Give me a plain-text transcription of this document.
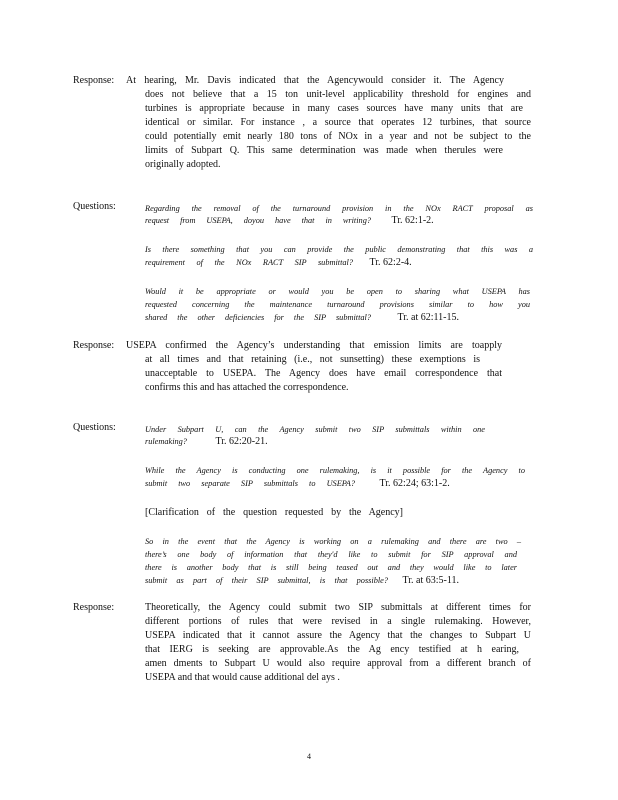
Response: At hearing, Mr. Davis indicated that the Agencywould consider it. The Agency
does not believe that a 15 ton unit-level applicability threshold for engines and
turbines is appropriate because in many cases sources have many units that are
identical or similar. For instance , a source that operates 12 turbines, that source
could potentially emit nearly 180 tons of NOx in a year and not be subject to the
limits of Subpart Q. This same determination was made when therules were
originally adopted.
Questions:	Regarding the removal of the turnaround provision in the NOx RACT proposal as
request from USEPA, doyou have that in writing? Tr. 62:1-2.
Is there something that you can provide the public demonstrating that this was a
requirement of the NOx RACT SIP submittal? Tr. 62:2-4.
Would it be appropriate or would you be open to sharing what USEPA has
requested concerning the maintenance turnaround provisions similar to how you
shared the other deficiencies for the SIP submittal?	Tr. at 62:11-15.
Response: USEPA confirmed the Agency’s understanding that emission limits are toapply
at all times and that retaining (i.e., not sunsetting) these exemptions is
unacceptable to USEPA. The Agency does have email correspondence that
confirms this and has attached the correspondence.
Questions:	Under Subpart U, can the Agency submit two SIP submittals within one
rulemaking?	Tr. 62:20-21.
While the Agency is conducting one rulemaking, is it possible for the Agency to
submit two separate SIP submittals to USEPA? Tr. 62:24; 63:1-2.
[Clarification of the question requested by the Agency]
So in the event that the Agency is working on a rulemaking and there are two –
there’s one body of information that they'd like to submit for SIP approval and
there is another body that is still being teased out and they would like to later
submit as part of their SIP submittal, is that possible? Tr. at 63:5-11.
Response:	Theoretically, the Agency could submit two SIP submittals at different times for
different portions of rules that were revised in a single rulemaking. However,
USEPA indicated that it cannot assure the Agency that the changes to Subpart U
that IERG is seeking are approvable.As the Ag ency testified at h earing,
amen dments to Subpart U would also require approval from a different branch of
USEPA and that would cause additional del ays .
4
